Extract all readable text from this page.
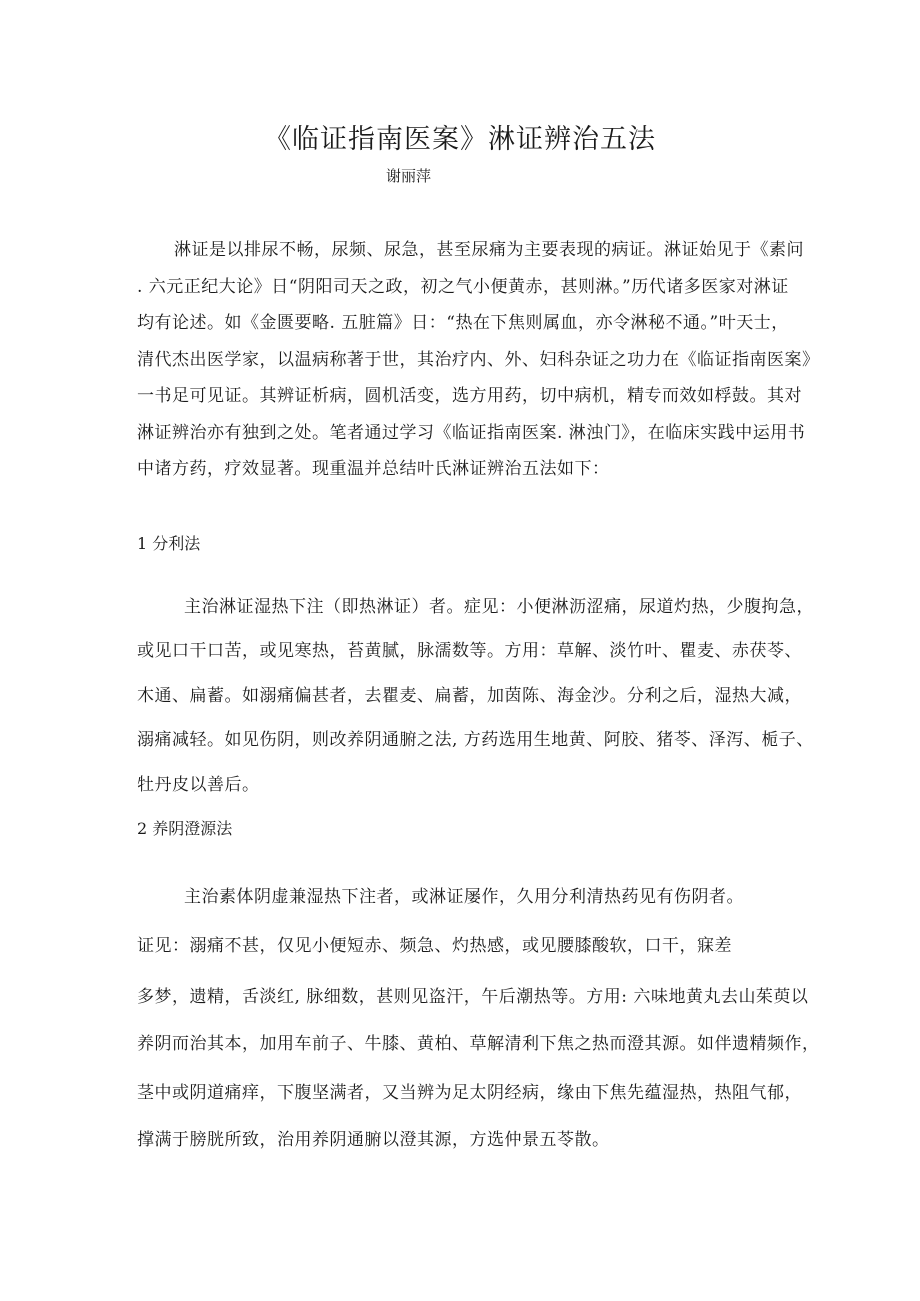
《临证指南医案》淋证辨治五法
谢丽萍
淋证是以排尿不畅，尿频、尿急，甚至尿痛为主要表现的病证。淋证始见于《素问
. 六元正纪大论》日“阴阳司天之政，初之气小便黄赤，甚则淋。”历代诸多医家对淋证
均有论述。如《金匮要略. 五脏篇》日：“热在下焦则属血，亦令淋秘不通。”叶天士，
清代杰出医学家，以温病称著于世，其治疗内、外、妇科杂证之功力在《临证指南医案》
一书足可见证。其辨证析病，圆机活变，选方用药，切中病机，精专而效如桴鼓。其对
淋证辨治亦有独到之处。笔者通过学习《临证指南医案. 淋浊门》，在临床实践中运用书
中诸方药，疗效显著。现重温并总结叶氏淋证辨治五法如下：
1 分利法
主治淋证湿热下注（即热淋证）者。症见：小便淋沥涩痛，尿道灼热，少腹拘急，
或见口干口苦，或见寒热，苔黄腻，脉濡数等。方用：草解、淡竹叶、瞿麦、赤茯苓、
木通、扁蓄。如溺痛偏甚者，去瞿麦、扁蓄，加茵陈、海金沙。分利之后，湿热大减，
溺痛减轻。如见伤阴，则改养阴通腑之法, 方药选用生地黄、阿胶、猪苓、泽泻、栀子、
牡丹皮以善后。
2 养阴澄源法
主治素体阴虚兼湿热下注者，或淋证屡作，久用分利清热药见有伤阴者。
证见：溺痛不甚，仅见小便短赤、频急、灼热感，或见腰膝酸软，口干，寐差
多梦，遗精，舌淡红, 脉细数，甚则见盗汗，午后潮热等。方用: 六味地黄丸去山茱萸以
养阴而治其本，加用车前子、牛膝、黄柏、草解清利下焦之热而澄其源。如伴遗精频作，
茎中或阴道痛痒，下腹坚满者，又当辨为足太阴经病，缘由下焦先蕴湿热，热阻气郁，
撑满于膀胱所致，治用养阴通腑以澄其源，方选仲景五苓散。
